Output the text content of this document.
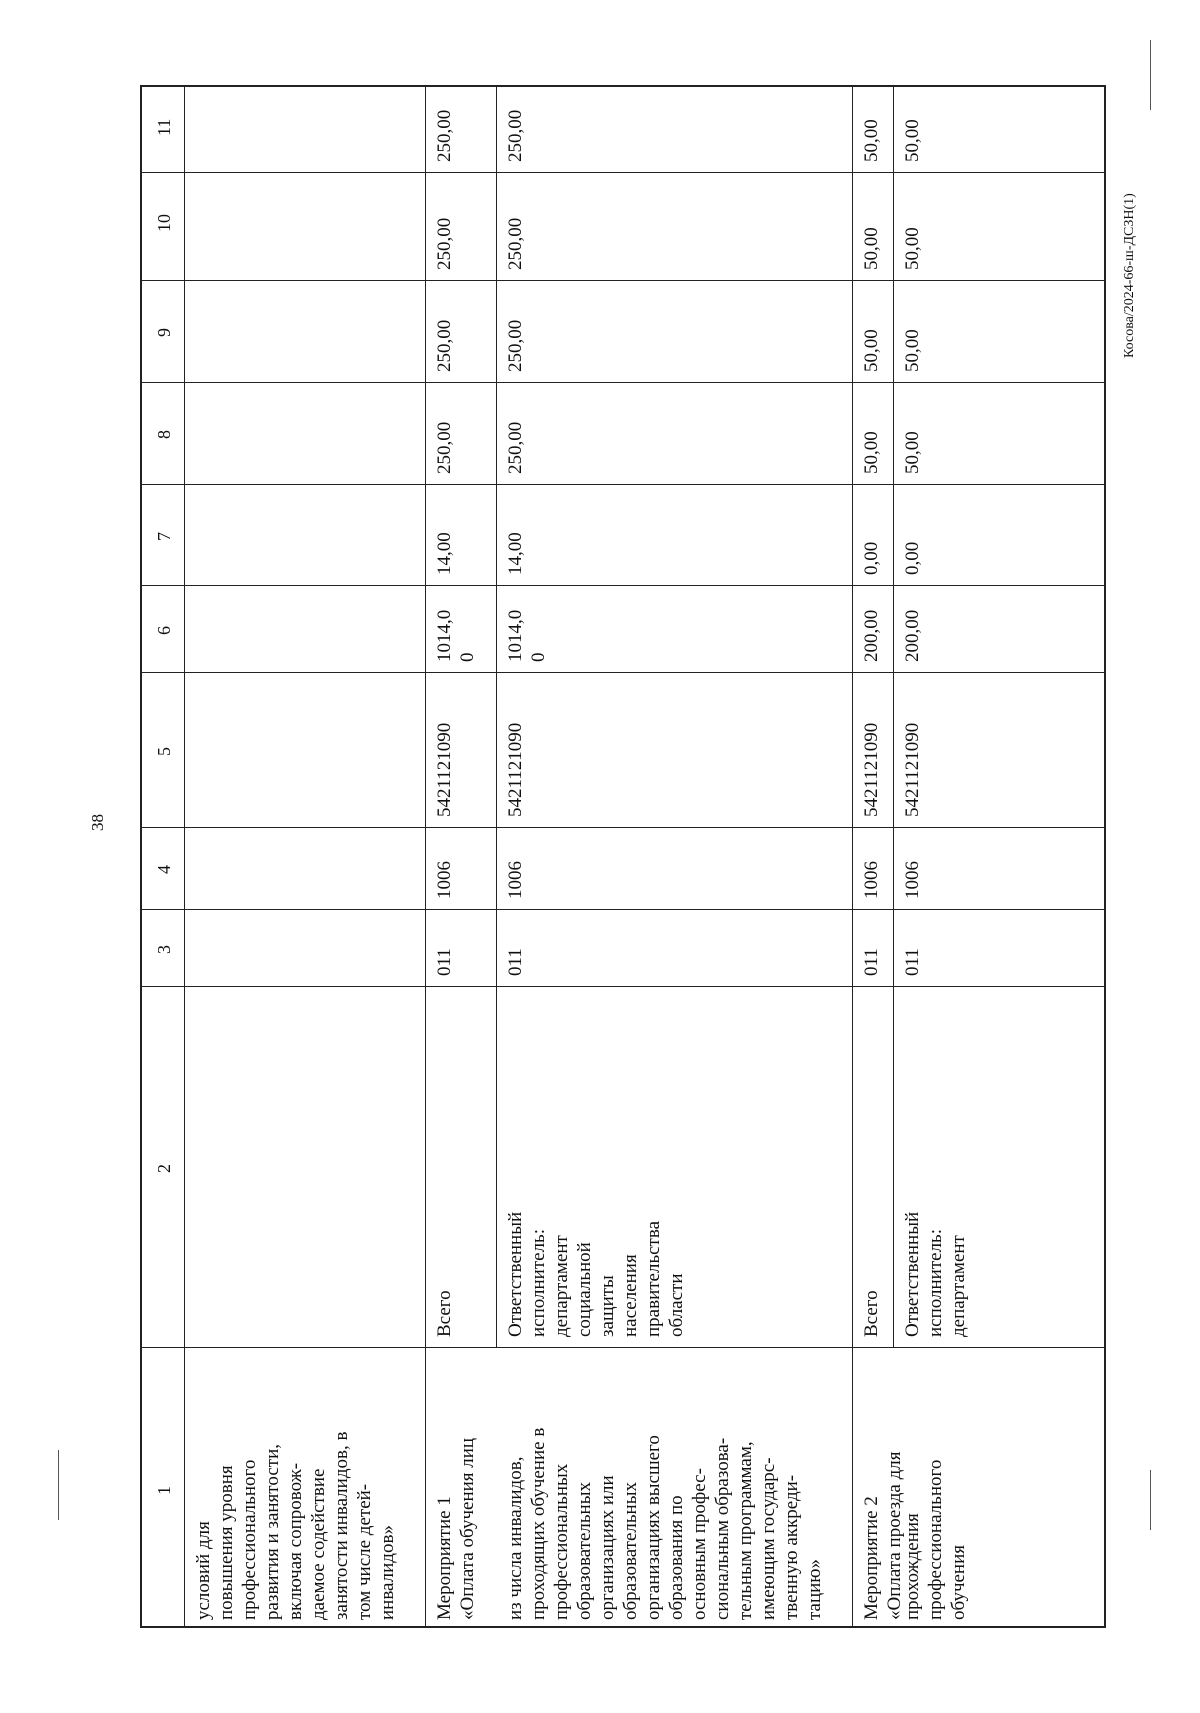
38
Косова/2024-66-ш-ДСЗН(1)
1
2
3
4
5
6
7
8
9
10
11
условий для повышения уровня профессионального развития и занятости, включая сопровож- даемое содействие занятости инвалидов, в том числе детей- инвалидов» Мероприятие 1 «Оплата обучения лиц
Всего
011
1006
5421121090
1014,0 0
14,00
250,00
250,00
250,00
250,00
из числа инвалидов, проходящих обучение в профессиональных образовательных организациях или образовательных организациях высшего образования по основным профес- сиональным образова- тельным программам, имеющим государс- твенную аккреди- тацию»
Ответственный исполнитель: департамент социальной защиты населения правительства области
011
1006
5421121090
1014,0 0
14,00
250,00
250,00
250,00
250,00
Мероприятие 2 «Оплата проезда для
Всего
011
1006
5421121090
200,00
0,00
50,00
50,00
50,00
50,00
прохождения профессионального обучения
Ответственный исполнитель: департамент
011
1006
5421121090
200,00
0,00
50,00
50,00
50,00
50,00
